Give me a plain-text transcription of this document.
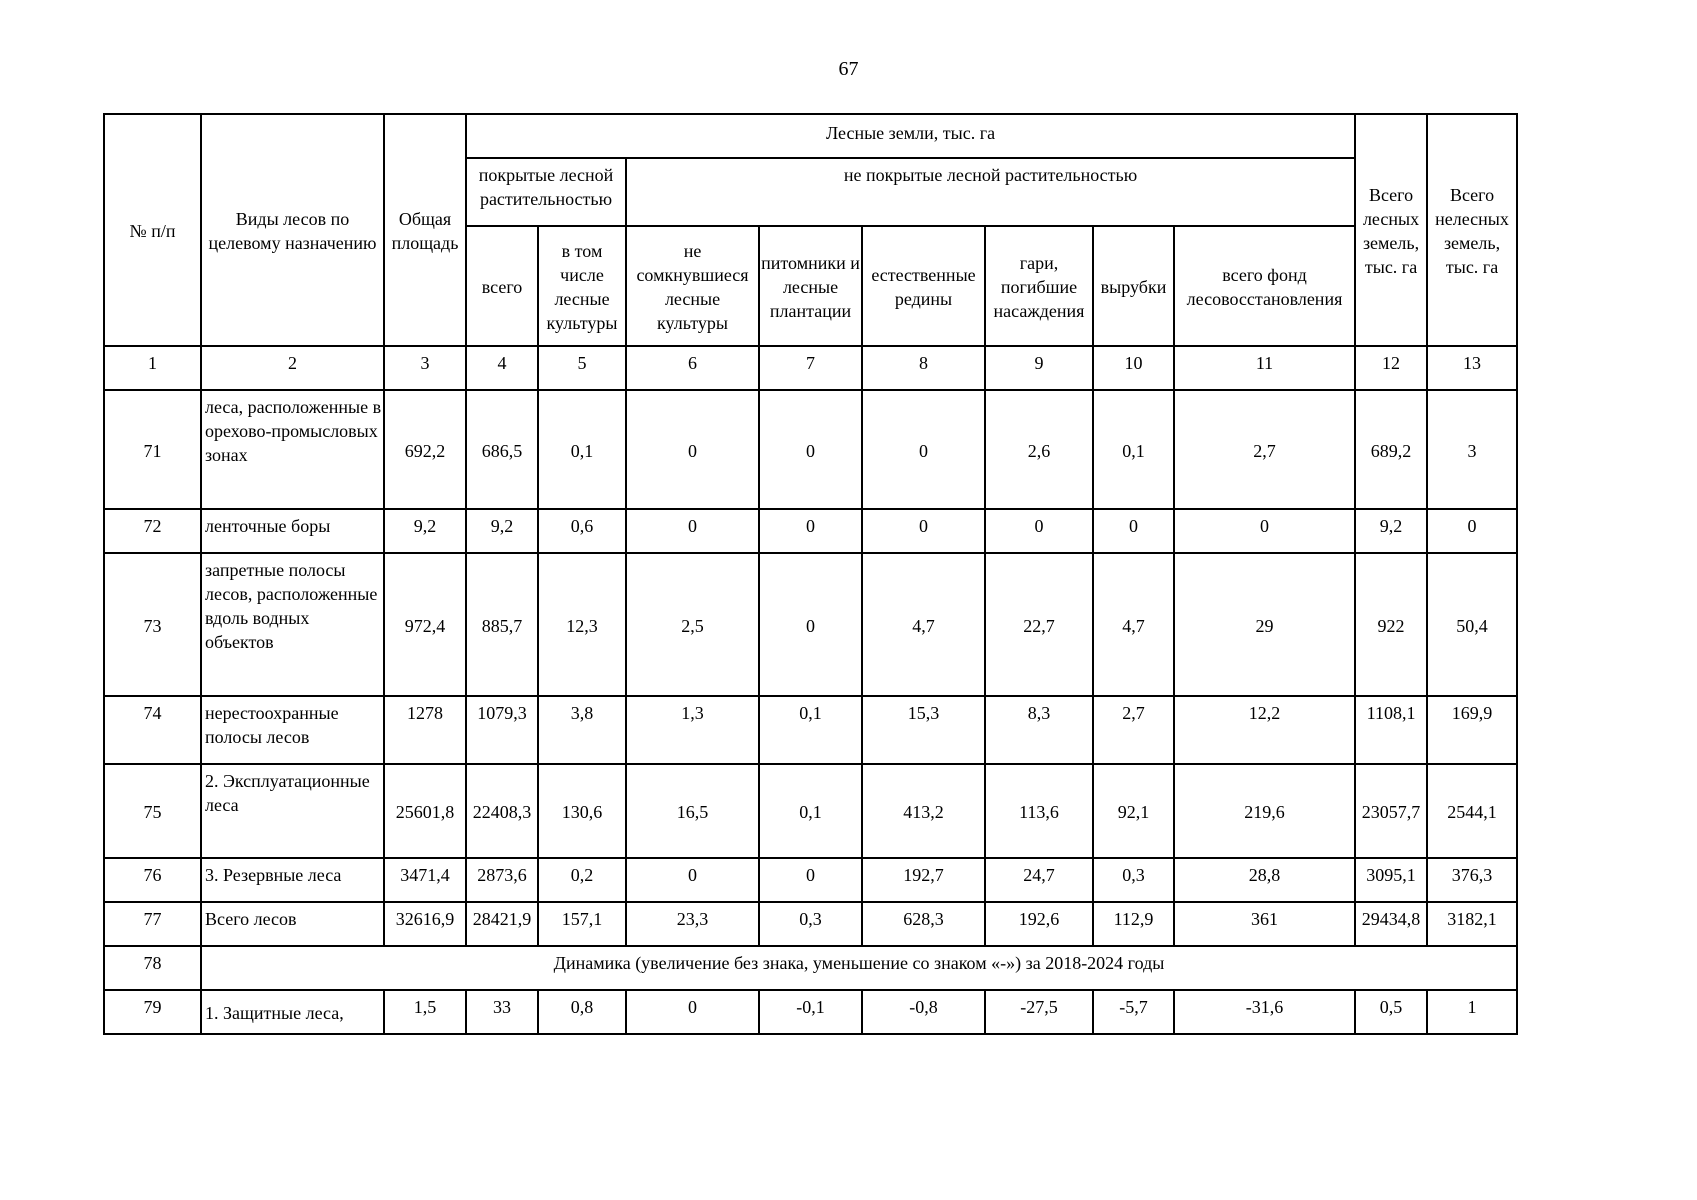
67
№ п/п	Виды лесов по целевому назначению	Общая площадь	Лесные земли, тыс. га								Всего лесных земель, тыс. га	Всего нелесных земель, тыс. га
			покрытые лесной растительностью		не покрытые лесной растительностью							
			всего	в том числе лесные культуры	не сомкнувшиеся лесные культуры	питомники и лесные плантации	естественные редины	гари, погибшие насаждения	вырубки	всего фонд лесовосстановления		
1	2	3	4	5	6	7	8	9	10	11	12	13
71	леса, расположенные в орехово-промысловых зонах	692,2	686,5	0,1	0	0	0	2,6	0,1	2,7	689,2	3
72	ленточные боры	9,2	9,2	0,6	0	0	0	0	0	0	9,2	0
73	запретные полосы лесов, расположенные вдоль водных объектов	972,4	885,7	12,3	2,5	0	4,7	22,7	4,7	29	922	50,4
74	нерестоохранные полосы лесов	1278	1079,3	3,8	1,3	0,1	15,3	8,3	2,7	12,2	1108,1	169,9
75	2. Эксплуатационные леса	25601,8	22408,3	130,6	16,5	0,1	413,2	113,6	92,1	219,6	23057,7	2544,1
76	3. Резервные леса	3471,4	2873,6	0,2	0	0	192,7	24,7	0,3	28,8	3095,1	376,3
77	Всего лесов	32616,9	28421,9	157,1	23,3	0,3	628,3	192,6	112,9	361	29434,8	3182,1
78	Динамика (увеличение без знака, уменьшение со знаком «-») за 2018-2024 годы											
79	1. Защитные леса,	1,5	33	0,8	0	-0,1	-0,8	-27,5	-5,7	-31,6	0,5	1
